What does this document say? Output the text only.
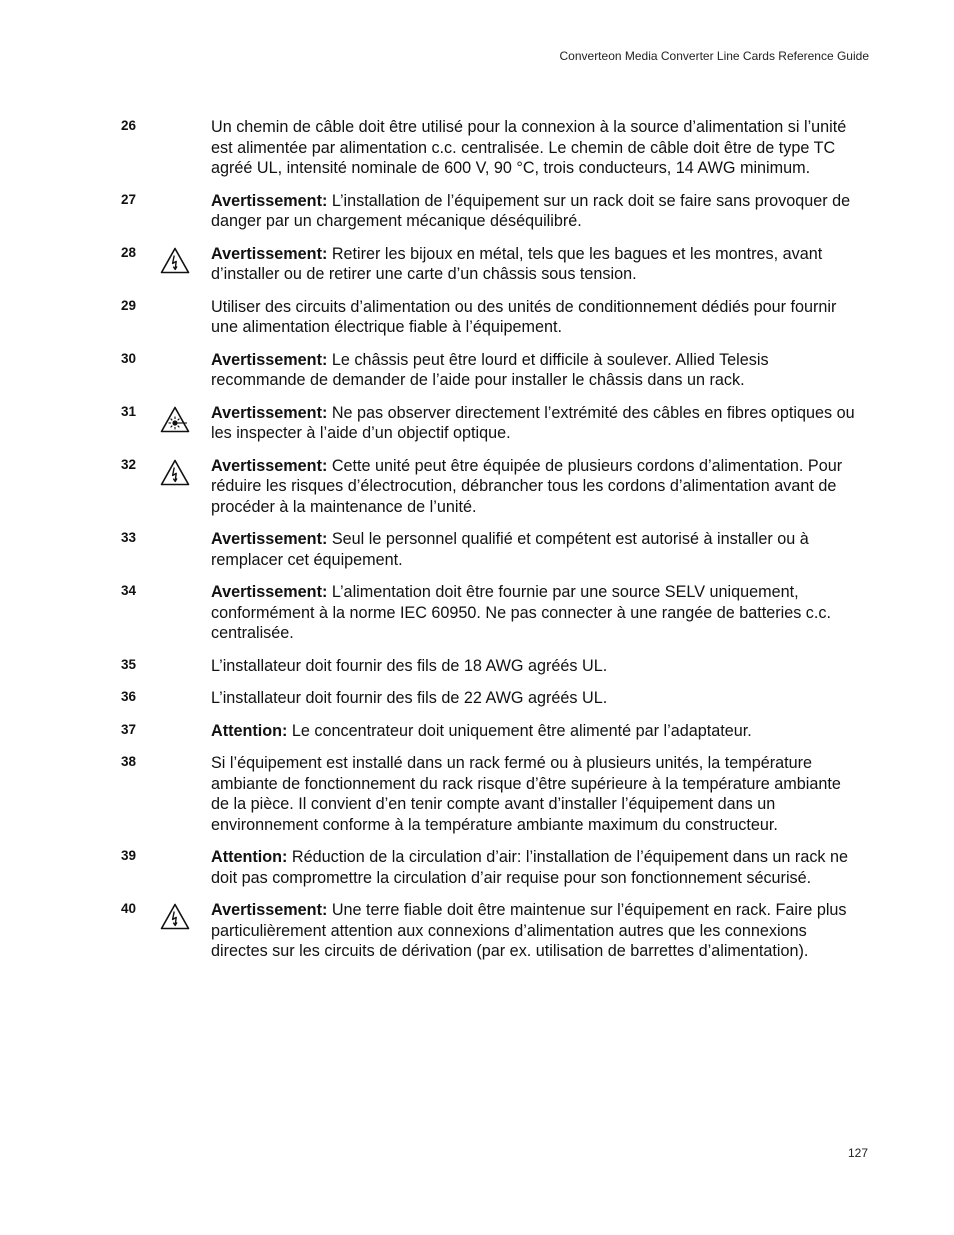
Converteon Media Converter Line Cards Reference Guide
26	Un chemin de câble doit être utilisé pour la connexion à la source d’alimentation si l’unité est alimentée par alimentation c.c. centralisée. Le chemin de câble doit être de type TC agréé UL, intensité nominale de 600 V, 90 °C, trois conducteurs, 14 AWG minimum.
27	Avertissement: L’installation de l’équipement sur un rack doit se faire sans provoquer de danger par un chargement mécanique déséquilibré.
28	Avertissement: Retirer les bijoux en métal, tels que les bagues et les montres, avant d’installer ou de retirer une carte d’un châssis sous tension.
29	Utiliser des circuits d’alimentation ou des unités de conditionnement dédiés pour fournir une alimentation électrique fiable à l’équipement.
30	Avertissement: Le châssis peut être lourd et difficile à soulever. Allied Telesis recommande de demander de l’aide pour installer le châssis dans un rack.
31	Avertissement: Ne pas observer directement l’extrémité des câbles en fibres optiques ou les inspecter à l’aide d’un objectif optique.
32	Avertissement: Cette unité peut être équipée de plusieurs cordons d’alimentation. Pour réduire les risques d’électrocution, débrancher tous les cordons d’alimentation avant de procéder à la maintenance de l’unité.
33	Avertissement: Seul le personnel qualifié et compétent est autorisé à installer ou à remplacer cet équipement.
34	Avertissement: L’alimentation doit être fournie par une source SELV uniquement, conformément à la norme IEC 60950. Ne pas connecter à une rangée de batteries c.c. centralisée.
35	L’installateur doit fournir des fils de 18 AWG agréés UL.
36	L’installateur doit fournir des fils de 22 AWG agréés UL.
37	Attention: Le concentrateur doit uniquement être alimenté par l’adaptateur.
38	Si l’équipement est installé dans un rack fermé ou à plusieurs unités, la température ambiante de fonctionnement du rack risque d’être supérieure à la température ambiante de la pièce. Il convient d’en tenir compte avant d’installer l’équipement dans un environnement conforme à la température ambiante maximum du constructeur.
39	Attention: Réduction de la circulation d’air: l’installation de l’équipement dans un rack ne doit pas compromettre la circulation d’air requise pour son fonctionnement sécurisé.
40	Avertissement: Une terre fiable doit être maintenue sur l’équipement en rack. Faire plus particulièrement attention aux connexions d’alimentation autres que les connexions directes sur les circuits de dérivation (par ex. utilisation de barrettes d’alimentation).
127
